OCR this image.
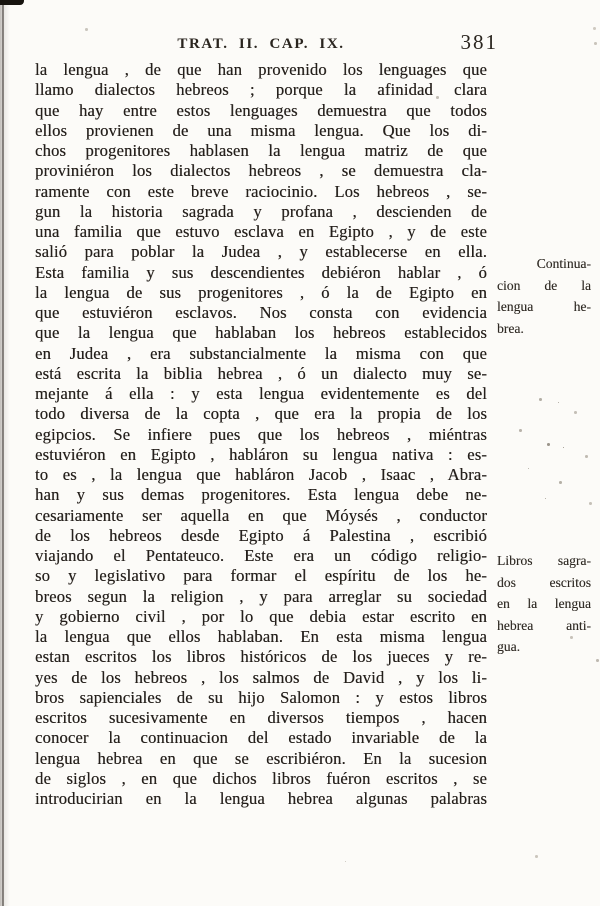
TRAT. II. CAP. IX.	381
la lengua , de que han provenido los lenguages que
llamo dialectos hebreos ; porque la afinidad clara
que hay entre estos lenguages demuestra que todos
ellos provienen de una misma lengua. Que los di-
chos progenitores hablasen la lengua matriz de que
proviniéron los dialectos hebreos , se demuestra cla-
ramente con este breve raciocinio. Los hebreos , se-
gun la historia sagrada y profana , descienden de
una familia que estuvo esclava en Egipto , y de este
salió para poblar la Judea , y establecerse en ella.
Esta familia y sus descendientes debiéron hablar , ó
la lengua de sus progenitores , ó la de Egipto en
que estuviéron esclavos. Nos consta con evidencia
que la lengua que hablaban los hebreos establecidos
en Judea , era substancialmente la misma con que
está escrita la biblia hebrea , ó un dialecto muy se-
mejante á ella : y esta lengua evidentemente es del
todo diversa de la copta , que era la propia de los
egipcios. Se infiere pues que los hebreos , miéntras
estuviéron en Egipto , habláron su lengua nativa : es-
to es , la lengua que habláron Jacob , Isaac , Abra-
han y sus demas progenitores. Esta lengua debe ne-
cesariamente ser aquella en que Móysés , conductor
de los hebreos desde Egipto á Palestina , escribió
viajando el Pentateuco. Este era un código religio-
so y legislativo para formar el espíritu de los he-
breos segun la religion , y para arreglar su sociedad
y gobierno civil , por lo que debia estar escrito en
la lengua que ellos hablaban. En esta misma lengua
estan escritos los libros históricos de los jueces y re-
yes de los hebreos , los salmos de David , y los li-
bros sapienciales de su hijo Salomon : y estos libros
escritos sucesivamente en diversos tiempos , hacen
conocer la continuacion del estado invariable de la
lengua hebrea en que se escribiéron. En la sucesion
de siglos , en que dichos libros fuéron escritos , se
introducirian en la lengua hebrea algunas palabras
Continua-
cion de la
lengua he-
brea.
Libros sagra-
dos escritos
en la lengua
hebrea anti-
gua.
